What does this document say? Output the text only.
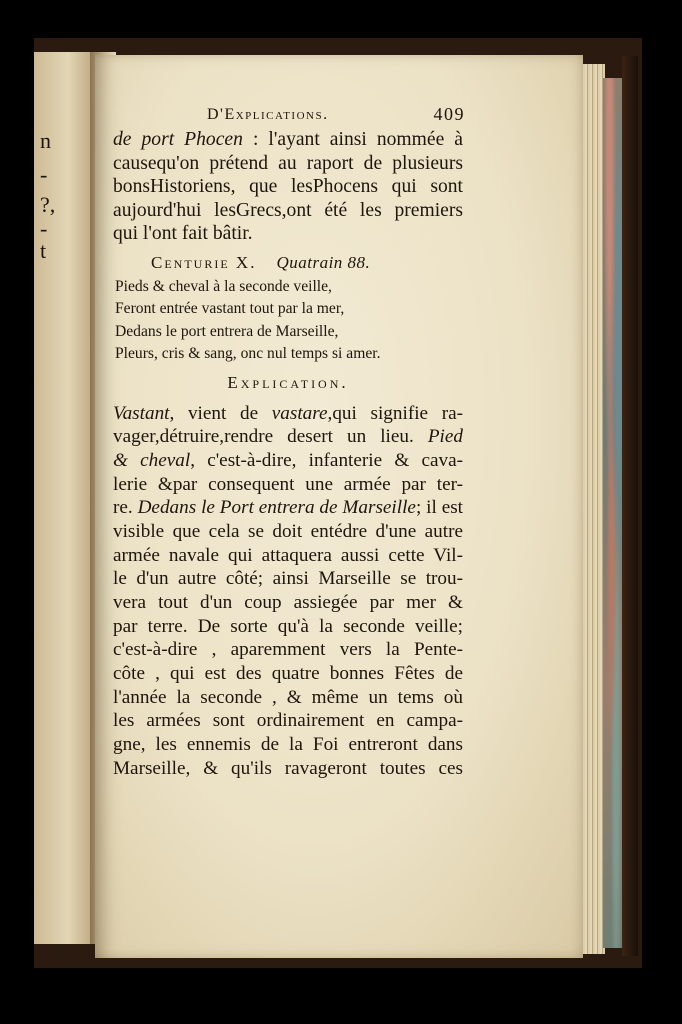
n
-
?,
-
t
D'Explications.	409
de port Phocen : l'ayant ainsi nommée à
causequ'on prétend au raport de plusieurs
bonsHistoriens, que lesPhocens qui sont
aujourd'hui lesGrecs,ont été les premiers
qui l'ont fait bâtir.
Centurie X. Quatrain 88.
Pieds & cheval à la seconde veille,
Feront entrée vastant tout par la mer,
Dedans le port entrera de Marseille,
Pleurs, cris & sang, onc nul temps si amer.
Explication.
Vastant, vient de vastare,qui signifie ra-
vager,détruire,rendre desert un lieu. Pied
& cheval, c'est-à-dire, infanterie & cava-
lerie &par consequent une armée par ter-
re. Dedans le Port entrera de Marseille; il est
visible que cela se doit entédre d'une autre
armée navale qui attaquera aussi cette Vil-
le d'un autre côté; ainsi Marseille se trou-
vera tout d'un coup assiegée par mer &
par terre. De sorte qu'à la seconde veille;
c'est-à-dire , aparemment vers la Pente-
côte , qui est des quatre bonnes Fêtes de
l'année la seconde , & même un tems où
les armées sont ordinairement en campa-
gne, les ennemis de la Foi entreront dans
Marseille, & qu'ils ravageront toutes ces
